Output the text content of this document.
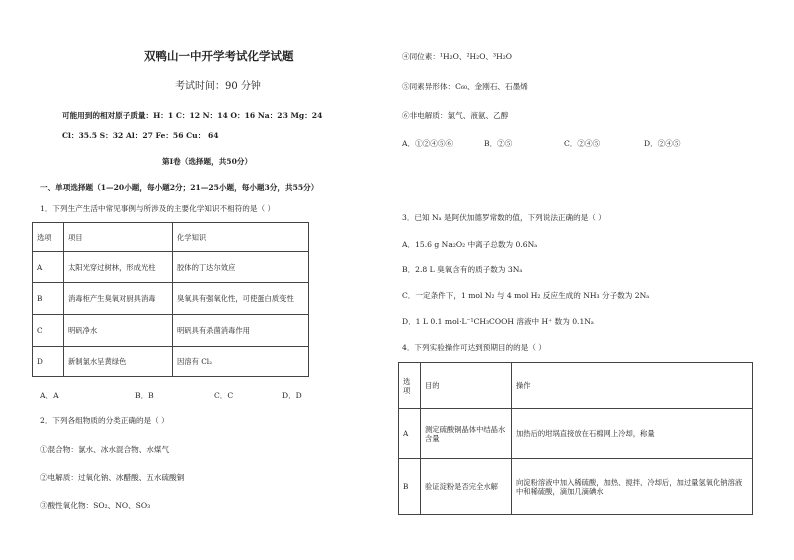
双鸭山一中开学考试化学试题
考试时间：90 分钟
可能用到的相对原子质量：H：1 C：12 N：14 O：16 Na：23 Mg：24
Cl：35.5 S：32 Al：27 Fe：56 Cu： 64
第Ⅰ卷（选择题，共50分）
一、单项选择题（1—20小题，每小题2分；21—25小题，每小题3分，共55分）
1．下列生产生活中常见事例与所涉及的主要化学知识不相符的是（ ）
选项	项目	化学知识
A	太阳光穿过树林，形成光柱	胶体的丁达尔效应
B	消毒柜产生臭氧对厨具消毒	臭氧具有强氧化性，可使蛋白质变性
C	明矾净水	明矾具有杀菌消毒作用
D	新制氯水呈黄绿色	因溶有 Cl₂
A．A	B．B	C．C	D．D
2．下列各组物质的分类正确的是（ ）
①混合物：氯水、冰水混合物、水煤气
②电解质：过氧化钠、冰醋酸、五水硫酸铜
③酸性氧化物：SO₂、NO、SO₃
④同位素：¹H₂O、²H₂O、³H₂O
⑤同素异形体：C₆₀、金刚石、石墨烯
⑥非电解质：氯气、液氨、乙醇
A．①②④⑤⑥	B．②⑤	C．②④⑤	D．②④⑤
3．已知 Nₐ 是阿伏加德罗常数的值，下列说法正确的是（ ）
A．15.6 g Na₂O₂ 中离子总数为 0.6Nₐ
B．2.8 L 臭氧含有的质子数为 3Nₐ
C．一定条件下，1 mol N₂ 与 4 mol H₂ 反应生成的 NH₃ 分子数为 2Nₐ
D．1 L 0.1 mol·L⁻¹CH₃COOH 溶液中 H⁺ 数为 0.1Nₐ
4．下列实验操作可达到预期目的的是（ ）
选项	目的	操作
A	测定硫酸铜晶体中结晶水含量	加热后的坩埚直接放在石棉网上冷却，称量
B	验证淀粉是否完全水解	向淀粉溶液中加入稀硫酸，加热、搅拌、冷却后，加过量氢氧化钠溶液中和稀硫酸，滴加几滴碘水
